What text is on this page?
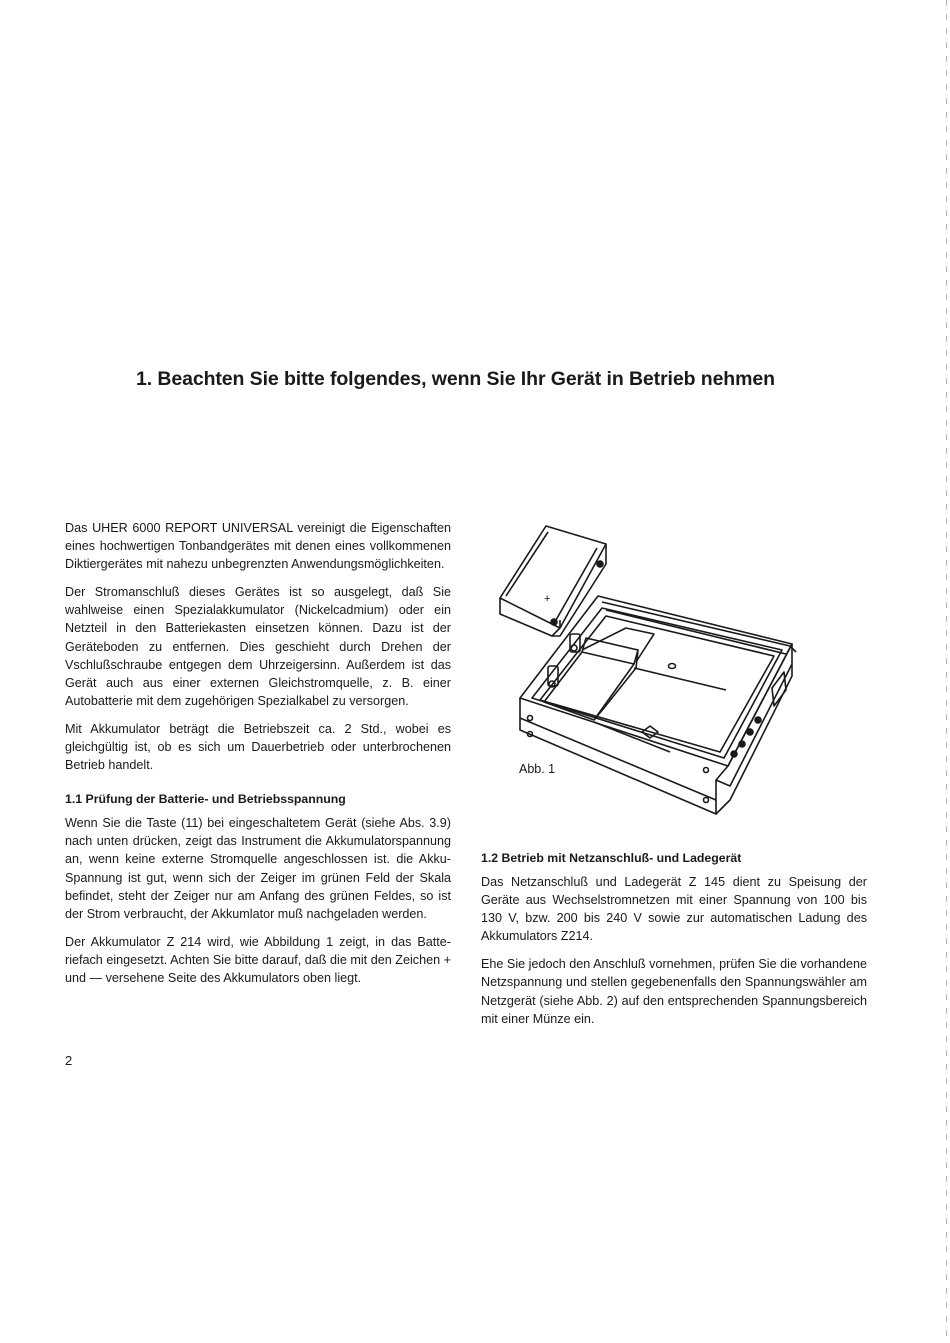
1. Beachten Sie bitte folgendes, wenn Sie Ihr Gerät in Betrieb nehmen

Das UHER 6000 REPORT UNIVERSAL vereinigt die Eigenschaften eines hochwertigen Tonbandgerätes mit denen eines vollkommenen Diktiergerätes mit nahezu unbegrenzten Anwendungsmöglichkeiten.

Der Stromanschluß dieses Gerätes ist so ausgelegt, daß Sie wahlweise einen Spezialakkumulator (Nickelcadmium) oder ein Netzteil in den Batteriekasten einsetzen können. Dazu ist der Geräteboden zu entfernen. Dies geschieht durch Drehen der Vschlußschraube entgegen dem Uhrzeigersinn. Außerdem ist das Gerät auch aus einer externen Gleichstromquelle, z. B. einer Autobatterie mit dem zugehörigen Spezialkabel zu versorgen.

Mit Akkumulator beträgt die Betriebszeit ca. 2 Std., wobei es gleichgültig ist, ob es sich um Dauerbetrieb oder unterbrochenen Betrieb handelt.

1.1 Prüfung der Batterie- und Betriebsspannung

Wenn Sie die Taste (11) bei eingeschaltetem Gerät (siehe Abs. 3.9) nach unten drücken, zeigt das Instrument die Akkumulatorspannung an, wenn keine externe Stromquelle angeschlossen ist. die Akku-Spannung ist gut, wenn sich der Zeiger im grünen Feld der Skala befindet, steht der Zeiger nur am Anfang des grünen Feldes, so ist der Strom verbraucht, der Akkumlator muß nachgeladen werden.

Der Akkumulator Z 214 wird, wie Abbildung 1 zeigt, in das Batteriefach eingesetzt. Achten Sie bitte darauf, daß die mit den Zeichen + und — versehene Seite des Akkumulators oben liegt.

+
Abb. 1
1.2 Betrieb mit Netzanschluß- und Ladegerät

Das Netzanschluß und Ladegerät Z 145 dient zu Speisung der Geräte aus Wechselstromnetzen mit einer Spannung von 100 bis 130 V, bzw. 200 bis 240 V sowie zur automatischen Ladung des Akkumulators Z214.

Ehe Sie jedoch den Anschluß vornehmen, prüfen Sie die vorhandene Netzspannung und stellen gegebenenfalls den Spannungswähler am Netzgerät (siehe Abb. 2) auf den entsprechenden Spannungsbereich mit einer Münze ein.

2
